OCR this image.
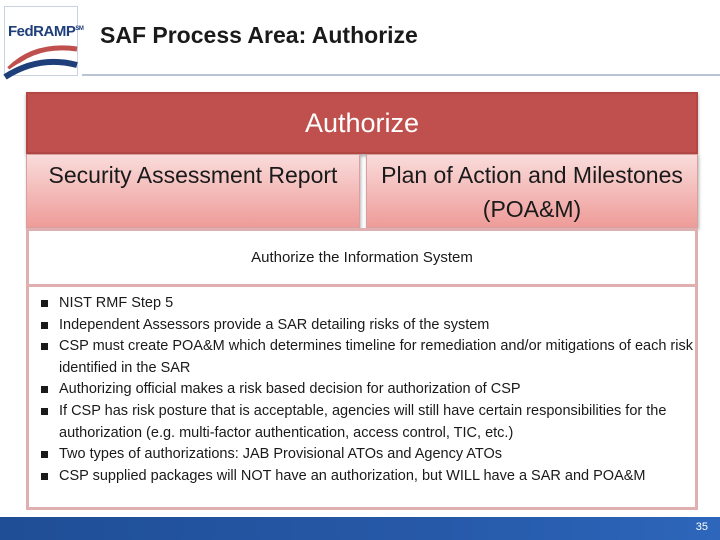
FedRAMP℠ SAF Process Area: Authorize
Authorize
Security Assessment Report	Plan of Action and Milestones (POA&M)
Authorize the Information System
NIST RMF Step 5
Independent Assessors provide a SAR detailing risks of the system
CSP must create POA&M which determines timeline for remediation and/or mitigations of each risk identified in the SAR
Authorizing official makes a risk based decision for authorization of CSP
If CSP has risk posture that is acceptable, agencies will still have certain responsibilities for the authorization (e.g. multi-factor authentication, access control, TIC, etc.)
Two types of authorizations: JAB Provisional ATOs and Agency ATOs
CSP supplied packages will NOT have an authorization, but WILL have a SAR and POA&M
35
